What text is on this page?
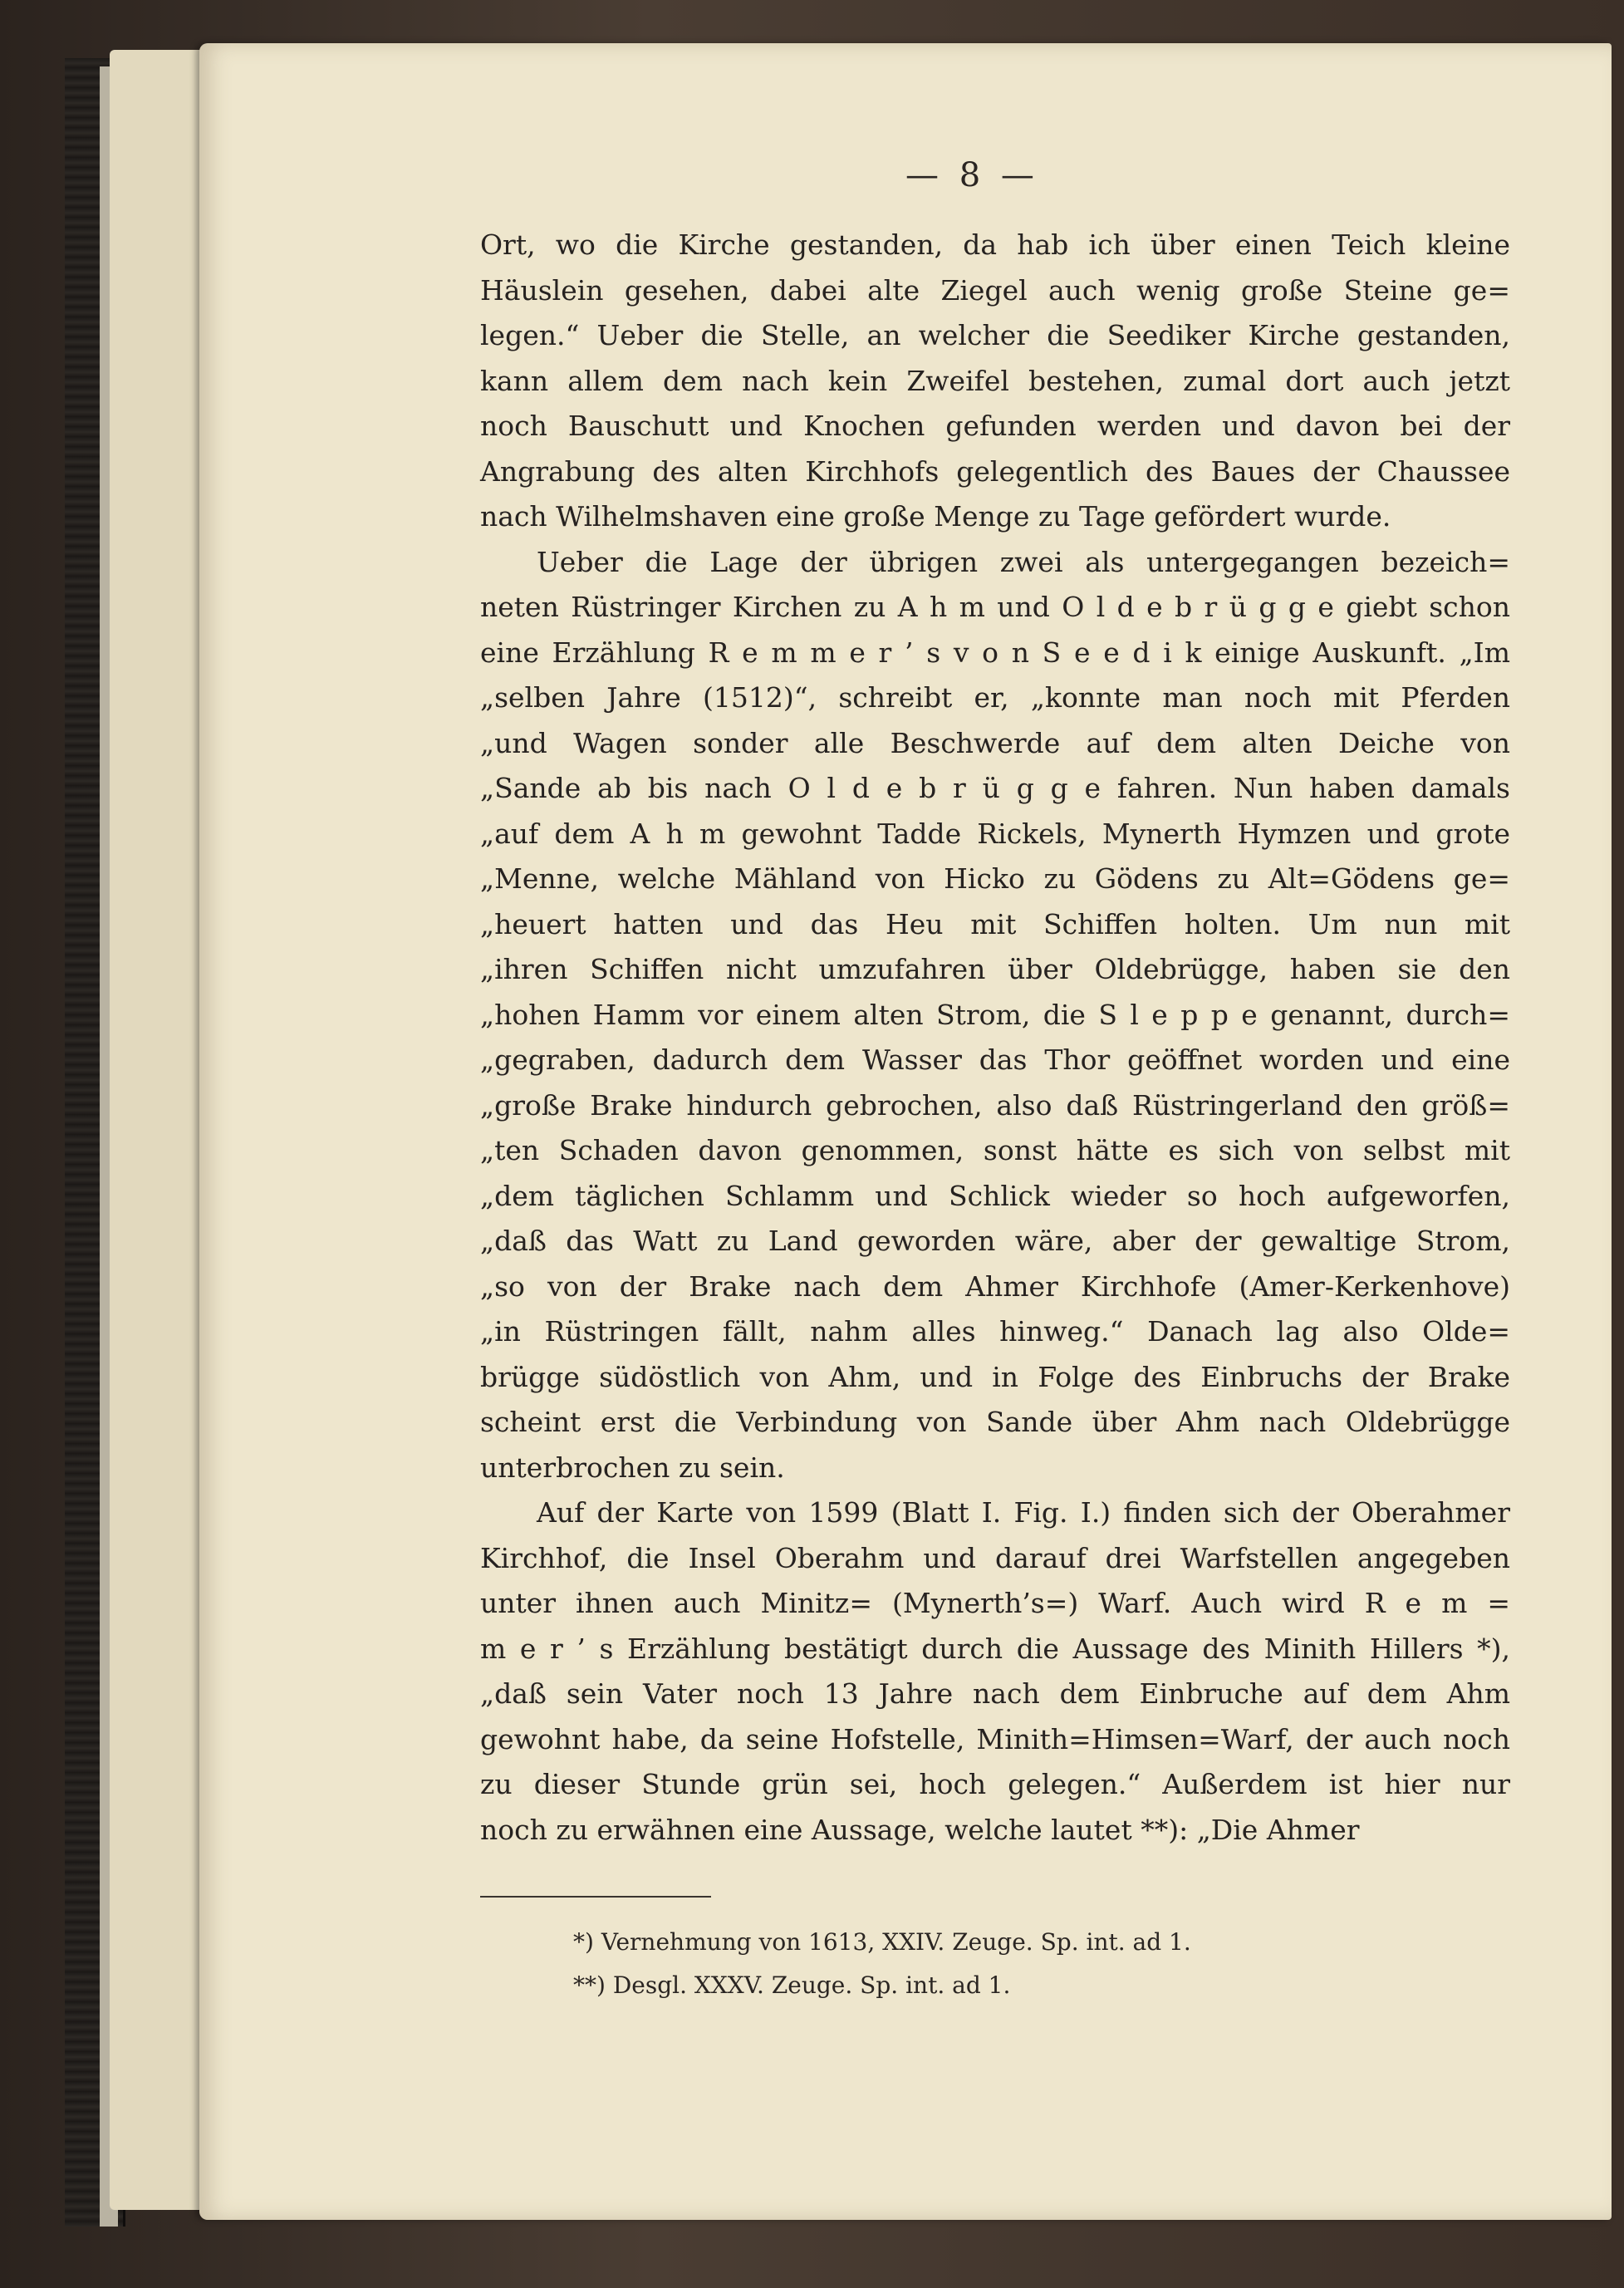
— 8 —
Ort, wo die Kirche gestanden, da hab ich über einen Teich kleine
Häuslein gesehen, dabei alte Ziegel auch wenig große Steine ge=
legen.“ Ueber die Stelle, an welcher die Seediker Kirche gestanden,
kann allem dem nach kein Zweifel bestehen, zumal dort auch jetzt
noch Bauschutt und Knochen gefunden werden und davon bei der
Angrabung des alten Kirchhofs gelegentlich des Baues der Chaussee
nach Wilhelmshaven eine große Menge zu Tage gefördert wurde.
Ueber die Lage der übrigen zwei als untergegangen bezeich=
neten Rüstringer Kirchen zu A h m und O l d e b r ü g g e giebt schon
eine Erzählung R e m m e r ’ s v o n S e e d i k einige Auskunft. „Im
„selben Jahre (1512)“, schreibt er, „konnte man noch mit Pferden
„und Wagen sonder alle Beschwerde auf dem alten Deiche von
„Sande ab bis nach O l d e b r ü g g e fahren. Nun haben damals
„auf dem A h m gewohnt Tadde Rickels, Mynerth Hymzen und grote
„Menne, welche Mähland von Hicko zu Gödens zu Alt=Gödens ge=
„heuert hatten und das Heu mit Schiffen holten. Um nun mit
„ihren Schiffen nicht umzufahren über Oldebrügge, haben sie den
„hohen Hamm vor einem alten Strom, die S l e p p e genannt, durch=
„gegraben, dadurch dem Wasser das Thor geöffnet worden und eine
„große Brake hindurch gebrochen, also daß Rüstringerland den größ=
„ten Schaden davon genommen, sonst hätte es sich von selbst mit
„dem täglichen Schlamm und Schlick wieder so hoch aufgeworfen,
„daß das Watt zu Land geworden wäre, aber der gewaltige Strom,
„so von der Brake nach dem Ahmer Kirchhofe (Amer-Kerkenhove)
„in Rüstringen fällt, nahm alles hinweg.“ Danach lag also Olde=
brügge südöstlich von Ahm, und in Folge des Einbruchs der Brake
scheint erst die Verbindung von Sande über Ahm nach Oldebrügge
unterbrochen zu sein.
Auf der Karte von 1599 (Blatt I. Fig. I.) finden sich der Oberahmer
Kirchhof, die Insel Oberahm und darauf drei Warfstellen angegeben
unter ihnen auch Minitz= (Mynerth’s=) Warf. Auch wird R e m =
m e r ’ s Erzählung bestätigt durch die Aussage des Minith Hillers *),
„daß sein Vater noch 13 Jahre nach dem Einbruche auf dem Ahm
gewohnt habe, da seine Hofstelle, Minith=Himsen=Warf, der auch noch
zu dieser Stunde grün sei, hoch gelegen.“ Außerdem ist hier nur
noch zu erwähnen eine Aussage, welche lautet **): „Die Ahmer
*) Vernehmung von 1613, XXIV. Zeuge. Sp. int. ad 1.
**) Desgl. XXXV. Zeuge. Sp. int. ad 1.
